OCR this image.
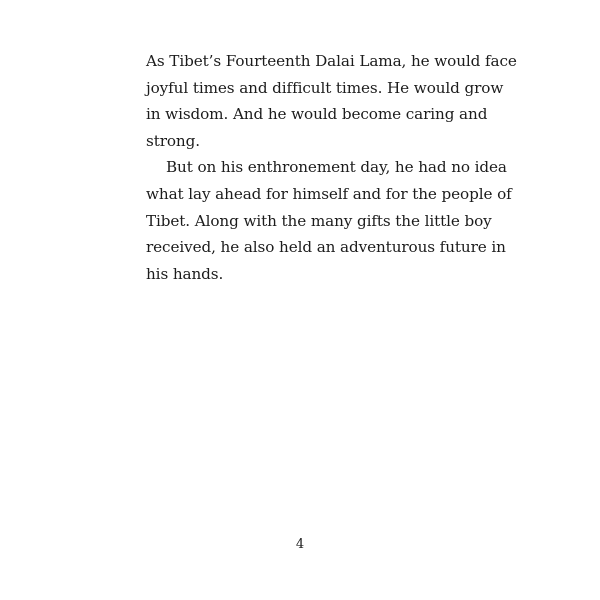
As Tibet’s Fourteenth Dalai Lama, he would face
joyful times and difficult times. He would grow
in wisdom. And he would become caring and
strong.
But on his enthronement day, he had no idea
what lay ahead for himself and for the people of
Tibet. Along with the many gifts the little boy
received, he also held an adventurous future in
his hands.
4
